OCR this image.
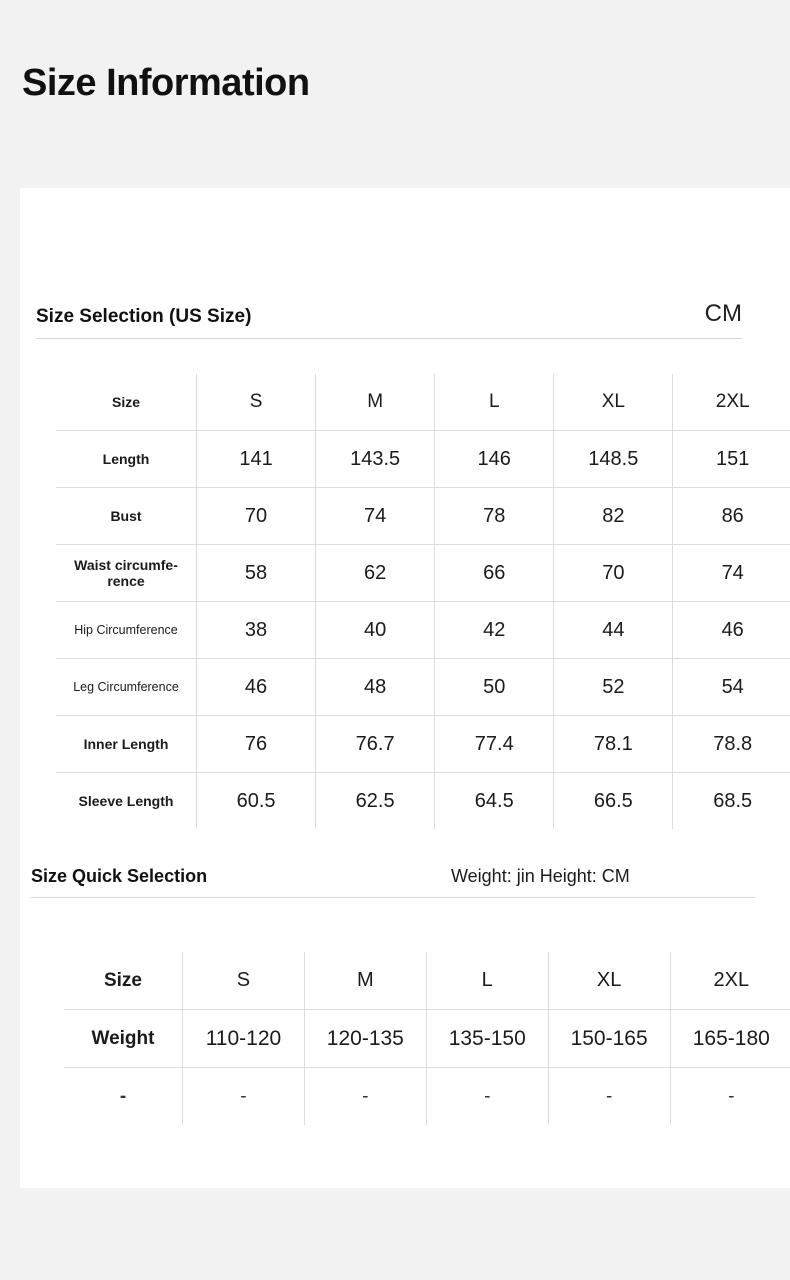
Size Information
Size Selection (US Size)	CM
Size	S	M	L	XL	2XL
Length	141	143.5	146	148.5	151
Bust	70	74	78	82	86
Waist circumfe-rence	58	62	66	70	74
Hip Circumference	38	40	42	44	46
Leg Circumference	46	48	50	52	54
Inner Length	76	76.7	77.4	78.1	78.8
Sleeve Length	60.5	62.5	64.5	66.5	68.5
Size Quick Selection	Weight: jin Height: CM
Size	S	M	L	XL	2XL
Weight	110-120	120-135	135-150	150-165	165-180
-	-	-	-	-	-
